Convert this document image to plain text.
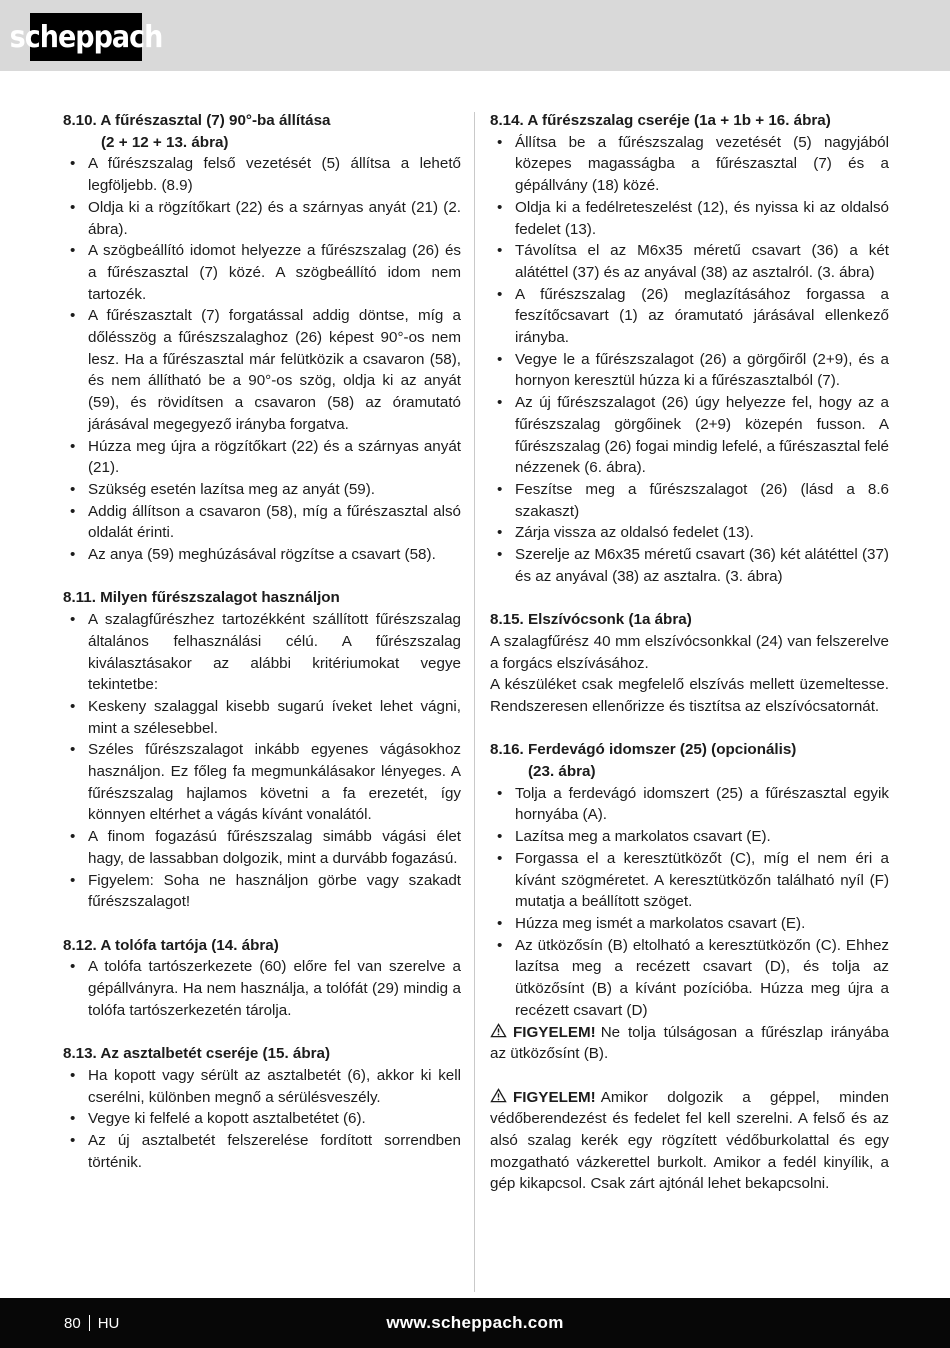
scheppach
8.10. A fűrészasztal (7) 90°-ba állítása
(2 + 12 + 13. ábra)
• A fűrészszalag felső vezetését (5) állítsa a lehető legföljebb. (8.9)
• Oldja ki a rögzítőkart (22) és a szárnyas anyát (21) (2. ábra).
• A szögbeállító idomot helyezze a fűrészszalag (26) és a fűrészasztal (7) közé. A szögbeállító idom nem tartozék.
• A fűrészasztalt (7) forgatással addig döntse, míg a dőlésszög a fűrészszalaghoz (26) képest 90°-os nem lesz. Ha a fűrészasztal már felütközik a csavaron (58), és nem állítható be a 90°-os szög, oldja ki az anyát (59), és rövidítsen a csavaron (58) az óramutató járásával megegyező irányba forgatva.
• Húzza meg újra a rögzítőkart (22) és a szárnyas anyát (21).
• Szükség esetén lazítsa meg az anyát (59).
• Addig állítson a csavaron (58), míg a fűrészasztal alsó oldalát érinti.
• Az anya (59) meghúzásával rögzítse a csavart (58).
8.11. Milyen fűrészszalagot használjon
• A szalagfűrészhez tartozékként szállított fűrészszalag általános felhasználási célú. A fűrészszalag kiválasztásakor az alábbi kritériumokat vegye tekintetbe:
• Keskeny szalaggal kisebb sugarú íveket lehet vágni, mint a szélesebbel.
• Széles fűrészszalagot inkább egyenes vágásokhoz használjon. Ez főleg fa megmunkálásakor lényeges. A fűrészszalag hajlamos követni a fa erezetét, így könnyen eltérhet a vágás kívánt vonalától.
• A finom fogazású fűrészszalag simább vágási élet hagy, de lassabban dolgozik, mint a durvább fogazású.
• Figyelem: Soha ne használjon görbe vagy szakadt fűrészszalagot!
8.12. A tolófa tartója (14. ábra)
• A tolófa tartószerkezete (60) előre fel van szerelve a gépállványra. Ha nem használja, a tolófát (29) mindig a tolófa tartószerkezetén tárolja.
8.13. Az asztalbetét cseréje (15. ábra)
• Ha kopott vagy sérült az asztalbetét (6), akkor ki kell cserélni, különben megnő a sérülésveszély.
• Vegye ki felfelé a kopott asztalbetétet (6).
• Az új asztalbetét felszerelése fordított sorrendben történik.
8.14. A fűrészszalag cseréje (1a + 1b + 16. ábra)
• Állítsa be a fűrészszalag vezetését (5) nagyjából közepes magasságba a fűrészasztal (7) és a gépállvány (18) közé.
• Oldja ki a fedélreteszelést (12), és nyissa ki az oldalsó fedelet (13).
• Távolítsa el az M6x35 méretű csavart (36) a két alátéttel (37) és az anyával (38) az asztalról. (3. ábra)
• A fűrészszalag (26) meglazításához forgassa a feszítőcsavart (1) az óramutató járásával ellenkező irányba.
• Vegye le a fűrészszalagot (26) a görgőiről (2+9), és a hornyon keresztül húzza ki a fűrészasztalból (7).
• Az új fűrészszalagot (26) úgy helyezze fel, hogy az a fűrészszalag görgőinek (2+9) közepén fusson. A fűrészszalag (26) fogai mindig lefelé, a fűrészasztal felé nézzenek (6. ábra).
• Feszítse meg a fűrészszalagot (26) (lásd a 8.6 szakaszt)
• Zárja vissza az oldalsó fedelet (13).
• Szerelje az M6x35 méretű csavart (36) két alátéttel (37) és az anyával (38) az asztalra. (3. ábra)
8.15. Elszívócsonk (1a ábra)

A szalagfűrész 40 mm elszívócsonkkal (24) van felszerelve a forgács elszívásához.

A készüléket csak megfelelő elszívás mellett üzemeltesse. Rendszeresen ellenőrizze és tisztítsa az elszívócsatornát.

8.16. Ferdevágó idomszer (25) (opcionális)
(23. ábra)
• Tolja a ferdevágó idomszert (25) a fűrészasztal egyik hornyába (A).
• Lazítsa meg a markolatos csavart (E).
• Forgassa el a keresztütközőt (C), míg el nem éri a kívánt szögméretet. A keresztütközőn található nyíl (F) mutatja a beállított szöget.
• Húzza meg ismét a markolatos csavart (E).
• Az ütközősín (B) eltolható a keresztütközőn (C). Ehhez lazítsa meg a recézett csavart (D), és tolja az ütközősínt (B) a kívánt pozícióba. Húzza meg újra a recézett csavart (D)

FIGYELEM! Ne tolja túlságosan a fűrészlap irányába az ütközősínt (B).

FIGYELEM! Amikor dolgozik a géppel, minden védőberendezést és fedelet fel kell szerelni. A felső és az alsó szalag kerék egy rögzített védőburkolattal és egy mozgatható vázkerettel burkolt. Amikor a fedél kinyílik, a gép kikapcsol. Csak zárt ajtónál lehet bekapcsolni.

80 HU	www.scheppach.com
